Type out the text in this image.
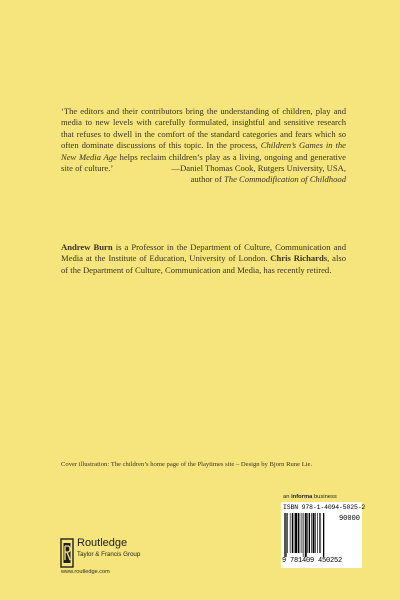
‘The editors and their contributors bring the understanding of children, play and media to new levels with carefully formulated, insightful and sensitive research that refuses to dwell in the comfort of the standard categories and fears which so often dominate discussions of this topic. In the process, Children’s Games in the New Media Age helps reclaim children’s play as a living, ongoing and generative site of culture.’	—Daniel Thomas Cook, Rutgers University, USA,
author of The Commodification of Childhood
Andrew Burn is a Professor in the Department of Culture, Communication and Media at the Institute of Education, University of London. Chris Richards, also of the Department of Culture, Communication and Media, has recently retired.
Cover illustration: The children’s home page of the Playtimes site – Design by Bjorn Rune Lie.
an informa business
ISBN 978-1-4094-5025-2
90000
9 781409 450252
Routledge
Taylor & Francis Group
www.routledge.com
